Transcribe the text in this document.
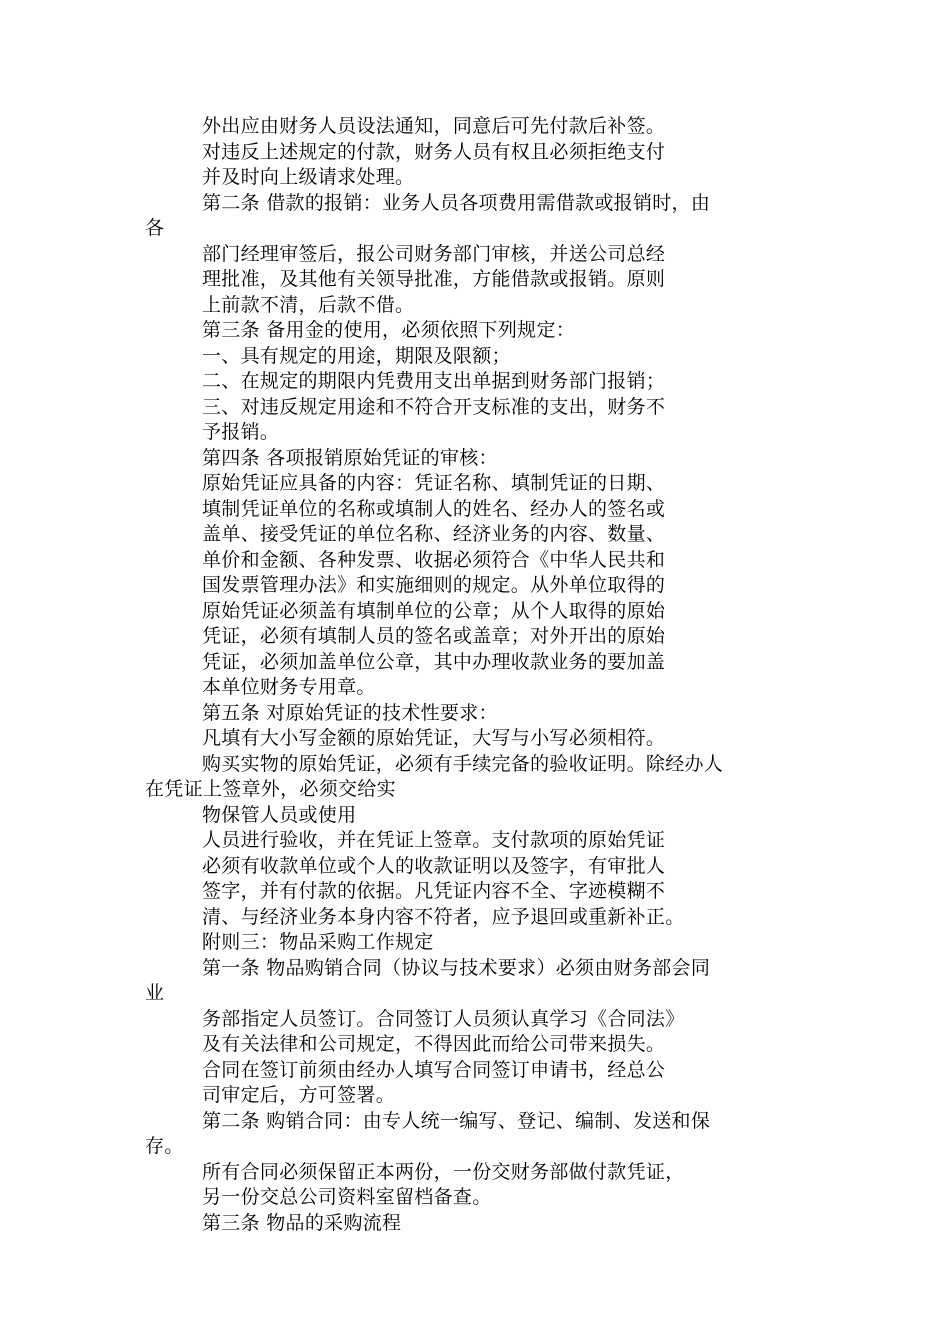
外出应由财务人员设法通知，同意后可先付款后补签。
对违反上述规定的付款，财务人员有权且必须拒绝支付
并及时向上级请求处理。
第二条 借款的报销：业务人员各项费用需借款或报销时，由
各
部门经理审签后，报公司财务部门审核，并送公司总经
理批准，及其他有关领导批准，方能借款或报销。原则
上前款不清，后款不借。
第三条 备用金的使用，必须依照下列规定：
一、具有规定的用途，期限及限额；
二、在规定的期限内凭费用支出单据到财务部门报销；
三、对违反规定用途和不符合开支标准的支出，财务不
予报销。
第四条 各项报销原始凭证的审核：
原始凭证应具备的内容：凭证名称、填制凭证的日期、
填制凭证单位的名称或填制人的姓名、经办人的签名或
盖单、接受凭证的单位名称、经济业务的内容、数量、
单价和金额、各种发票、收据必须符合《中华人民共和
国发票管理办法》和实施细则的规定。从外单位取得的
原始凭证必须盖有填制单位的公章；从个人取得的原始
凭证，必须有填制人员的签名或盖章；对外开出的原始
凭证，必须加盖单位公章，其中办理收款业务的要加盖
本单位财务专用章。
第五条 对原始凭证的技术性要求：
凡填有大小写金额的原始凭证，大写与小写必须相符。
购买实物的原始凭证，必须有手续完备的验收证明。除经办人
在凭证上签章外，必须交给实
物保管人员或使用
人员进行验收，并在凭证上签章。支付款项的原始凭证
必须有收款单位或个人的收款证明以及签字，有审批人
签字，并有付款的依据。凡凭证内容不全、字迹模糊不
清、与经济业务本身内容不符者，应予退回或重新补正。
附则三：物品采购工作规定
第一条 物品购销合同（协议与技术要求）必须由财务部会同
业
务部指定人员签订。合同签订人员须认真学习《合同法》
及有关法律和公司规定，不得因此而给公司带来损失。
合同在签订前须由经办人填写合同签订申请书，经总公
司审定后，方可签署。
第二条 购销合同：由专人统一编写、登记、编制、发送和保
存。
所有合同必须保留正本两份，一份交财务部做付款凭证，
另一份交总公司资料室留档备查。
第三条 物品的采购流程
